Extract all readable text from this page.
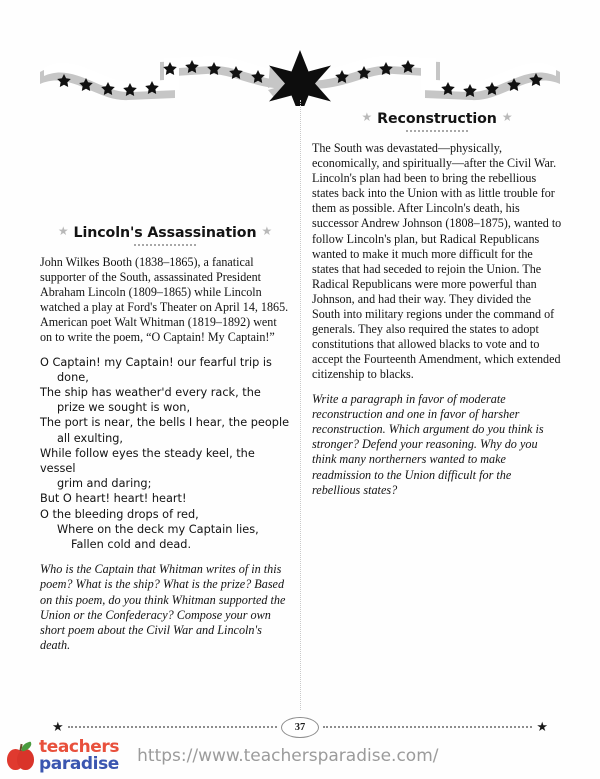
★ Lincoln's Assassination ★

John Wilkes Booth (1838–1865), a fanatical supporter of the South, assassinated President Abraham Lincoln (1809–1865) while Lincoln watched a play at Ford's Theater on April 14, 1865. American poet Walt Whitman (1819–1892) went on to write the poem, “O Captain! My Captain!”

O Captain! my Captain! our fearful trip is
done,
The ship has weather'd every rack, the
prize we sought is won,
The port is near, the bells I hear, the people
all exulting,
While follow eyes the steady keel, the vessel
grim and daring;
But O heart! heart! heart!
O the bleeding drops of red,
Where on the deck my Captain lies,
Fallen cold and dead.

Who is the Captain that Whitman writes of in this poem? What is the ship? What is the prize? Based on this poem, do you think Whitman supported the Union or the Confederacy? Compose your own short poem about the Civil War and Lincoln's death.

★ Reconstruction ★

The South was devastated—physically, economically, and spiritually—after the Civil War. Lincoln's plan had been to bring the rebellious states back into the Union with as little trouble for them as possible. After Lincoln's death, his successor Andrew Johnson (1808–1875), wanted to follow Lincoln's plan, but Radical Republicans wanted to make it much more difficult for the states that had seceded to rejoin the Union. The Radical Republicans were more powerful than Johnson, and had their way. They divided the South into military regions under the command of generals. They also required the states to adopt constitutions that allowed blacks to vote and to accept the Fourteenth Amendment, which extended citizenship to blacks.

Write a paragraph in favor of moderate reconstruction and one in favor of harsher reconstruction. Which argument do you think is stronger? Defend your reasoning. Why do you think many northerners wanted to make readmission to the Union difficult for the rebellious states?

★	37	★
teachers
paradise https://www.teachersparadise.com/
